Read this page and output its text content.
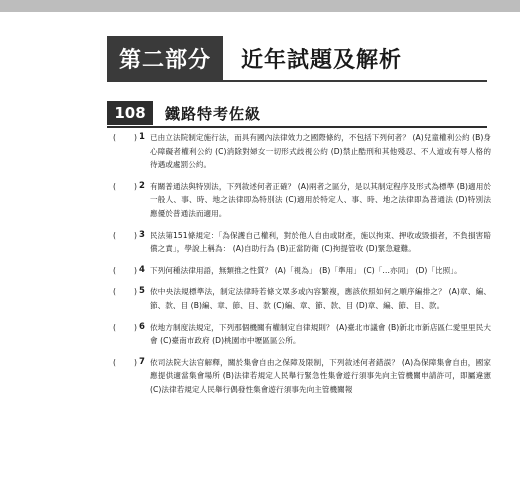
第二部分	近年試題及解析
108	鐵路特考佐級
( ) 1 已由立法院制定施行法，而具有國內法律效力之國際條約，不包括下列何者？ (A)兒童權利公約 (B)身心障礙者權利公約 (C)消除對婦女一切形式歧視公約 (D)禁止酷刑和其他殘忍、不人道或有辱人格的待遇或處罰公約。
( ) 2 有關普通法與特別法，下列敘述何者正確？ (A)兩者之區分，是以其制定程序及形式為標準 (B)適用於一般人、事、時、地之法律即為特別法 (C)適用於特定人、事、時、地之法律即為普通法 (D)特別法應優於普通法而適用。
( ) 3 民法第151條規定：「為保護自己權利，對於他人自由或財產，施以拘束、押收或毀損者，不負損害賠償之責」，學說上稱為： (A)自助行為 (B)正當防衛 (C)拘提管收 (D)緊急避難。
( ) 4 下列何種法律用語，無類推之性質？ (A)「視為」 (B)「準用」 (C)「…亦同」 (D)「比照」。
( ) 5 依中央法規標準法，制定法律時若條文眾多或內容繁複，應該依照如何之順序編排之？ (A)章、編、節、款、目 (B)編、章、節、目、款 (C)編、章、節、款、目 (D)章、編、節、目、款。
( ) 6 依地方制度法規定，下列那個機關有權制定自律規則？ (A)臺北市議會 (B)新北市新店區仁愛里里民大會 (C)臺南市政府 (D)桃園市中壢區區公所。
( ) 7 依司法院大法官解釋，關於集會自由之保障及限制，下列敘述何者錯誤？ (A)為保障集會自由，國家應提供適當集會場所 (B)法律若規定人民舉行緊急性集會遊行須事先向主管機關申請許可，即屬違憲 (C)法律若規定人民舉行偶發性集會遊行須事先向主管機關報
